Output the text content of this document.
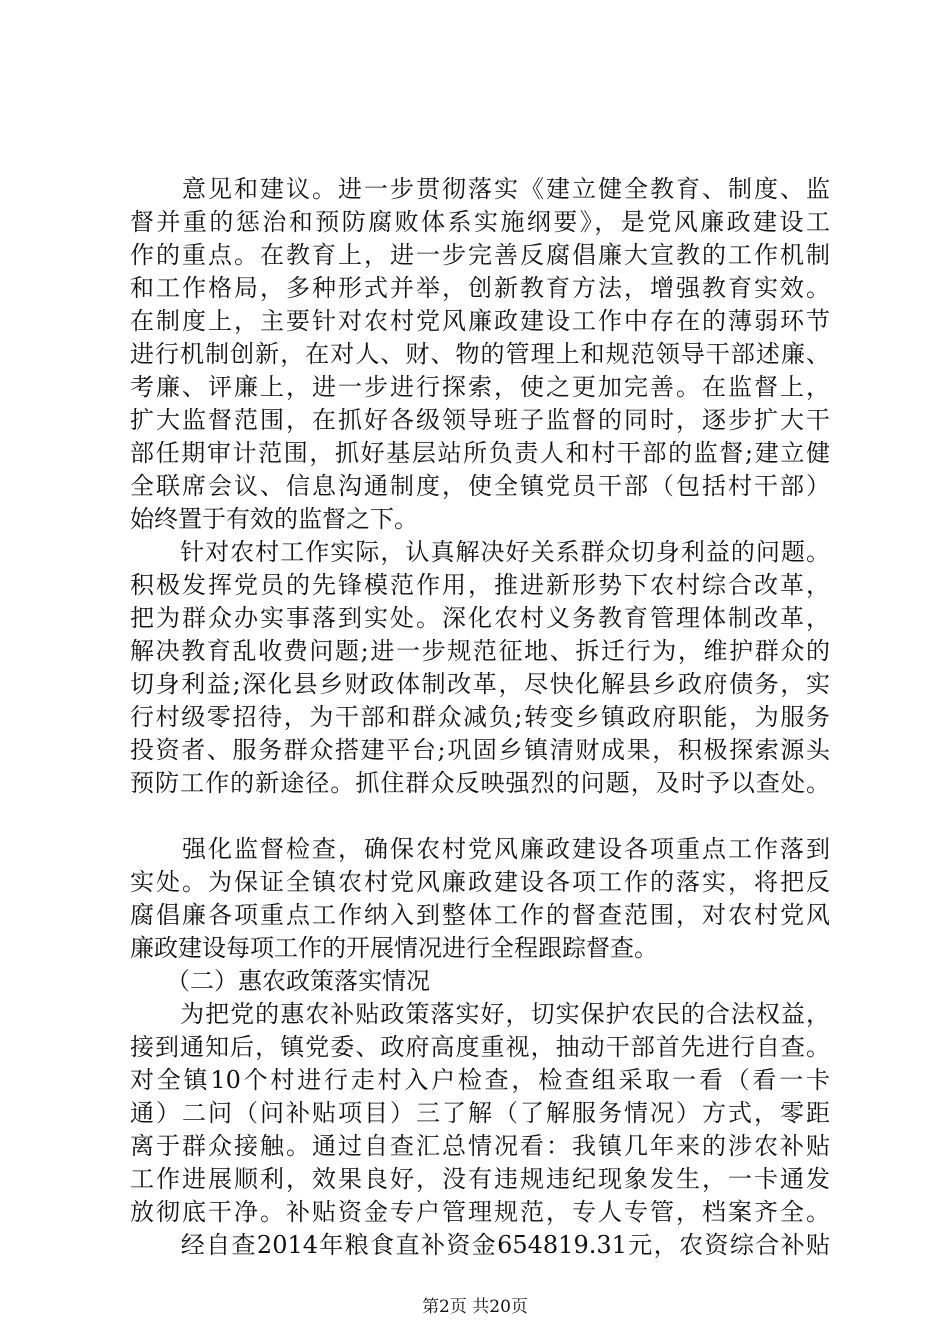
　　意见和建议。进一步贯彻落实《建立健全教育、制度、监
督并重的惩治和预防腐败体系实施纲要》，是党风廉政建设工
作的重点。在教育上，进一步完善反腐倡廉大宣教的工作机制
和工作格局，多种形式并举，创新教育方法，增强教育实效。
在制度上，主要针对农村党风廉政建设工作中存在的薄弱环节
进行机制创新，在对人、财、物的管理上和规范领导干部述廉、
考廉、评廉上，进一步进行探索，使之更加完善。在监督上，
扩大监督范围，在抓好各级领导班子监督的同时，逐步扩大干
部任期审计范围，抓好基层站所负责人和村干部的监督;建立健
全联席会议、信息沟通制度，使全镇党员干部（包括村干部）
始终置于有效的监督之下。
　　针对农村工作实际，认真解决好关系群众切身利益的问题。
积极发挥党员的先锋模范作用，推进新形势下农村综合改革，
把为群众办实事落到实处。深化农村义务教育管理体制改革，
解决教育乱收费问题;进一步规范征地、拆迁行为，维护群众的
切身利益;深化县乡财政体制改革，尽快化解县乡政府债务，实
行村级零招待，为干部和群众减负;转变乡镇政府职能，为服务
投资者、服务群众搭建平台;巩固乡镇清财成果，积极探索源头
预防工作的新途径。抓住群众反映强烈的问题，及时予以查处。
　　强化监督检查，确保农村党风廉政建设各项重点工作落到
实处。为保证全镇农村党风廉政建设各项工作的落实，将把反
腐倡廉各项重点工作纳入到整体工作的督查范围，对农村党风
廉政建设每项工作的开展情况进行全程跟踪督查。
　　（二）惠农政策落实情况
　　为把党的惠农补贴政策落实好，切实保护农民的合法权益，
接到通知后，镇党委、政府高度重视，抽动干部首先进行自查。
对全镇10个村进行走村入户检查，检查组采取一看（看一卡
通）二问（问补贴项目）三了解（了解服务情况）方式，零距
离于群众接触。通过自查汇总情况看：我镇几年来的涉农补贴
工作进展顺利，效果良好，没有违规违纪现象发生，一卡通发
放彻底干净。补贴资金专户管理规范，专人专管，档案齐全。
　　经自查2014年粮食直补资金654819.31元，农资综合补贴
第2页 共20页
